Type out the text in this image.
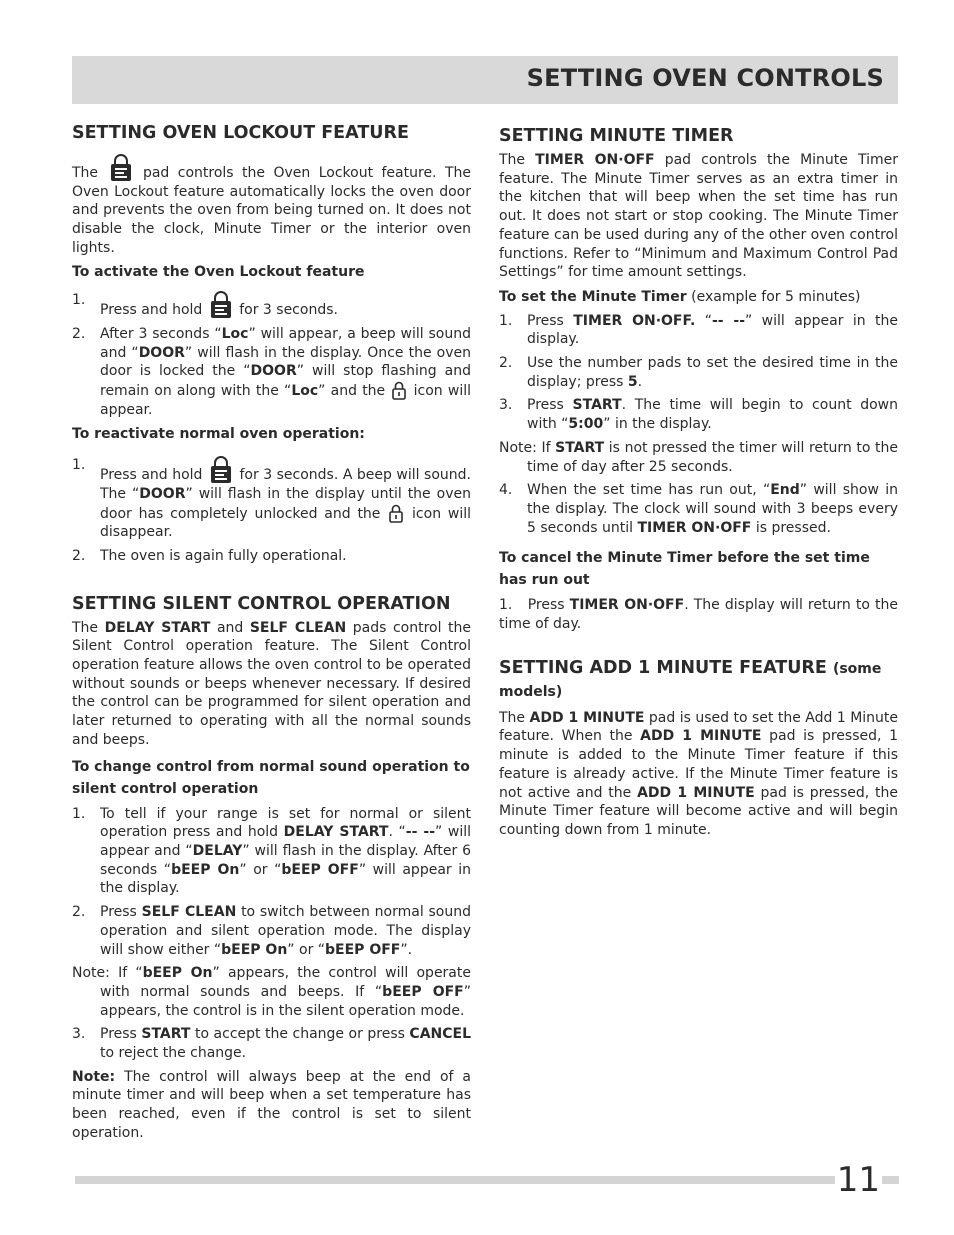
SETTING OVEN CONTROLS
SETTING OVEN LOCKOUT FEATURE

The	pad controls the Oven Lockout feature. The Oven Lockout feature automatically locks the oven door and prevents the oven from being turned on. It does not disable the clock, Minute Timer or the interior oven lights.

To activate the Oven Lockout feature
1.
Press and hold	for 3 seconds.
2. After 3 seconds “Loc” will appear, a beep will sound and “DOOR” will flash in the display. Once the oven door is locked the “DOOR” will stop flashing and remain on along with the “Loc” and the icon will appear.
To reactivate normal oven operation:
1.
Press and hold	for 3 seconds. A beep will sound. The “DOOR” will flash in the display until the oven door has completely unlocked and the icon will disappear.
2. The oven is again fully operational.
SETTING SILENT CONTROL OPERATION

The DELAY START and SELF CLEAN pads control the Silent Control operation feature. The Silent Control operation feature allows the oven control to be operated without sounds or beeps whenever necessary. If desired the control can be programmed for silent operation and later returned to operating with all the normal sounds and beeps.

To change control from normal sound operation to silent control operation
1. To tell if your range is set for normal or silent operation press and hold DELAY START. “-- --” will appear and “DELAY” will flash in the display. After 6 seconds “bEEP On” or “bEEP OFF” will appear in the display.
2. Press SELF CLEAN to switch between normal sound operation and silent operation mode. The display will show either “bEEP On” or “bEEP OFF”.
Note: If “bEEP On” appears, the control will operate with normal sounds and beeps. If “bEEP OFF” appears, the control is in the silent operation mode.
3. Press START to accept the change or press CANCEL to reject the change.

Note: The control will always beep at the end of a minute timer and will beep when a set temperature has been reached, even if the control is set to silent operation.

SETTING MINUTE TIMER

The TIMER ON·OFF pad controls the Minute Timer feature. The Minute Timer serves as an extra timer in the kitchen that will beep when the set time has run out. It does not start or stop cooking. The Minute Timer feature can be used during any of the other oven control functions. Refer to “Minimum and Maximum Control Pad Settings” for time amount settings.

To set the Minute Timer (example for 5 minutes)

1. Press TIMER ON·OFF. “-- --” will appear in the display.
2. Use the number pads to set the desired time in the display; press 5.
3. Press START. The time will begin to count down with “5:00” in the display.
Note: If START is not pressed the timer will return to the time of day after 25 seconds.
4. When the set time has run out, “End” will show in the display. The clock will sound with 3 beeps every 5 seconds until TIMER ON·OFF is pressed.
To cancel the Minute Timer before the set time has run out
1. Press TIMER ON·OFF. The display will return to the time of day.
SETTING ADD 1 MINUTE FEATURE (some models)

The ADD 1 MINUTE pad is used to set the Add 1 Minute feature. When the ADD 1 MINUTE pad is pressed, 1 minute is added to the Minute Timer feature if this feature is already active. If the Minute Timer feature is not active and the ADD 1 MINUTE pad is pressed, the Minute Timer feature will become active and will begin counting down from 1 minute.

11
